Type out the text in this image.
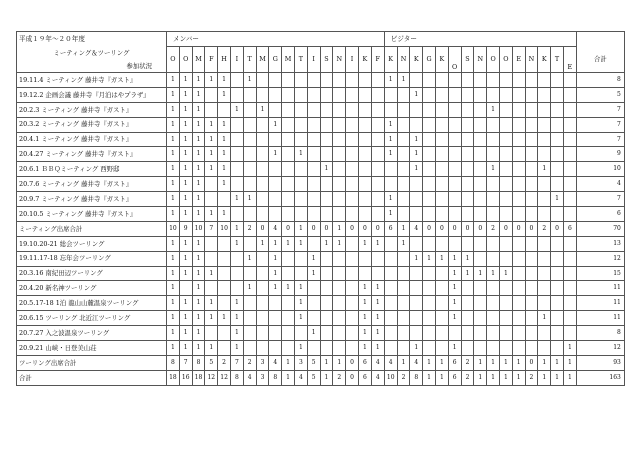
平成１９年～２０年度	メンバー																	ビジター															
ミーティング＆ツーリング	O	O	M	F	H	I	T	M	G	M	T	I	S	N	I	K	F	K	N	K	G	K	O	S	N	O	O	E	N	K	T	E	合計
参加状況																																	
19.11.4 ミーティング 藤井寺『ガスト』	1	1	1	1	1		1											1	1														8
19.12.2 企画会議 藤井寺『月泊はやプラザ』	1	1	1		1															1													5
20.2.3 ミーティング 藤井寺『ガスト』	1	1	1			1		1																		1							7
20.3.2 ミーティング 藤井寺『ガスト』	1	1	1	1	1				1									1															7
20.4.1 ミーティング 藤井寺『ガスト』	1	1	1	1	1													1		1													7
20.4.27 ミーティング 藤井寺『ガスト』	1	1	1	1	1				1		1							1		1													9
20.6.1 ＢＢＱミーティング 西野邸	1	1	1	1	1								1							1						1				1			10
20.7.6 ミーティング 藤井寺『ガスト』	1	1	1		1																												4
20.9.7 ミーティング 藤井寺『ガスト』	1	1	1			1	1											1													1		7
20.10.5 ミーティング 藤井寺『ガスト』	1	1	1	1	1													1															6
ミーティング出席合計	10	9	10	7	10	1	2	0	4	0	1	0	0	1	0	0	0	6	1	4	0	0	0	0	0	2	0	0	0	2	0	6	70
19.10.20-21 総会ツーリング	1	1	1			1		1	1	1	1		1	1		1	1		1														13
19.11.17-18 忘年会ツーリング	1	1	1				1		1			1								1	1	1	1	1									12
20.3.16 南紀田辺ツーリング	1	1	1	1					1			1											1	1	1	1	1						15
20.4.20 新名神ツーリング	1		1				1		1	1	1					1	1						1										11
20.5.17-18 1泊 龍山山麓温泉ツーリング	1	1	1	1		1					1					1	1						1										11
20.6.15 ツーリング 北近江ツーリング	1	1	1	1	1	1					1					1	1						1							1			11
20.7.27 入之波温泉ツーリング	1	1	1			1						1				1	1																8
20.9.21 山峡・日登美山荘	1	1	1	1		1					1					1	1			1			1									1	12
ツーリング出席合計	8	7	8	5	2	7	2	3	4	1	3	5	1	1	0	6	4	4	1	4	1	1	6	2	1	1	1	1	0	1	1	1	93
合計	18	16	18	12	12	8	4	3	8	1	4	5	1	2	0	6	4	10	2	8	1	1	6	2	1	1	1	1	2	1	1	1	163
